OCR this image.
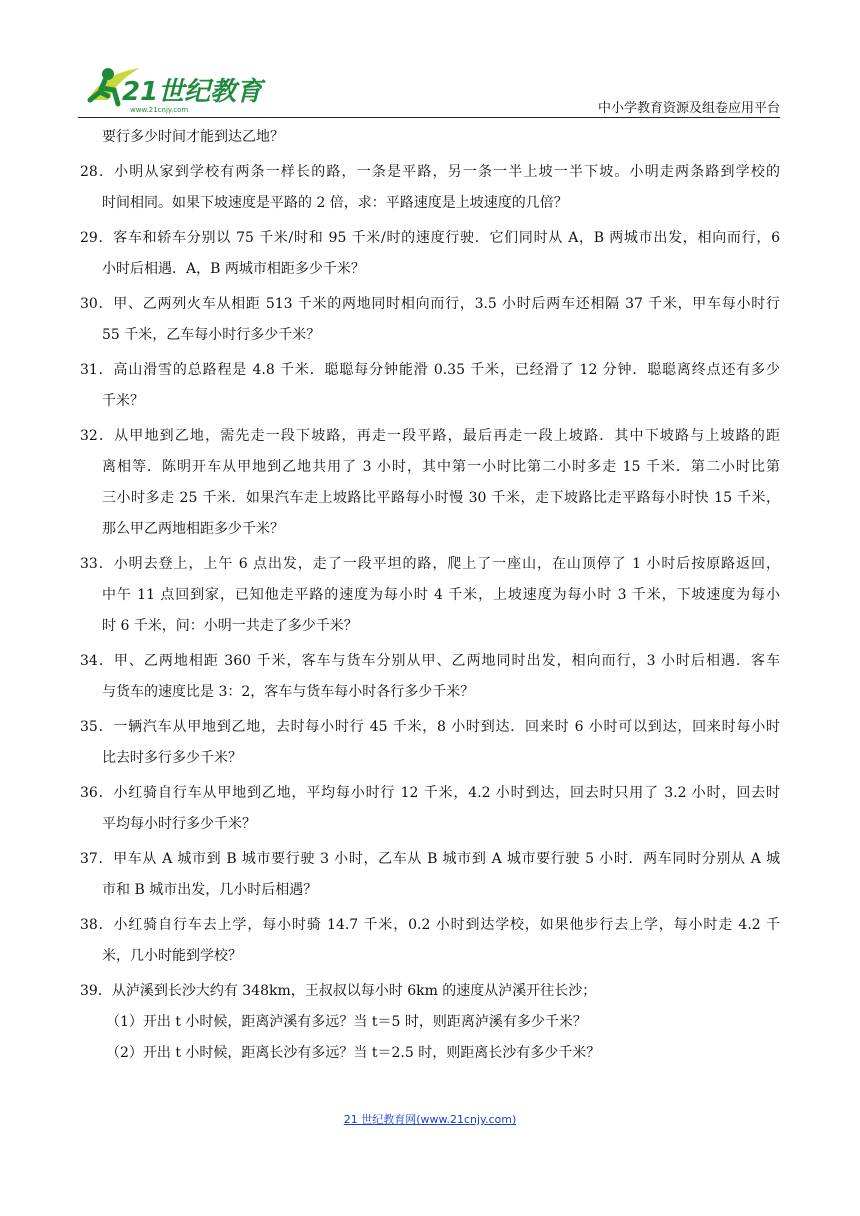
21世纪教育
www.21cnjy.com	中小学教育资源及组卷应用平台
要行多少时间才能到达乙地？
28．小明从家到学校有两条一样长的路，一条是平路，另一条一半上坡一半下坡。小明走两条路到学校的
时间相同。如果下坡速度是平路的 2 倍，求：平路速度是上坡速度的几倍？
29．客车和轿车分别以 75 千米/时和 95 千米/时的速度行驶．它们同时从 A，B 两城市出发，相向而行，6
小时后相遇．A，B 两城市相距多少千米？
30．甲、乙两列火车从相距 513 千米的两地同时相向而行，3.5 小时后两车还相隔 37 千米，甲车每小时行
55 千米，乙车每小时行多少千米？
31．高山滑雪的总路程是 4.8 千米．聪聪每分钟能滑 0.35 千米，已经滑了 12 分钟．聪聪离终点还有多少
千米？
32．从甲地到乙地，需先走一段下坡路，再走一段平路，最后再走一段上坡路．其中下坡路与上坡路的距
离相等．陈明开车从甲地到乙地共用了 3 小时，其中第一小时比第二小时多走 15 千米．第二小时比第
三小时多走 25 千米．如果汽车走上坡路比平路每小时慢 30 千米，走下坡路比走平路每小时快 15 千米，
那么甲乙两地相距多少千米？
33．小明去登上，上午 6 点出发，走了一段平坦的路，爬上了一座山，在山顶停了 1 小时后按原路返回，
中午 11 点回到家，已知他走平路的速度为每小时 4 千米，上坡速度为每小时 3 千米，下坡速度为每小
时 6 千米，问：小明一共走了多少千米？
34．甲、乙两地相距 360 千米，客车与货车分别从甲、乙两地同时出发，相向而行，3 小时后相遇．客车
与货车的速度比是 3：2，客车与货车每小时各行多少千米？
35．一辆汽车从甲地到乙地，去时每小时行 45 千米，8 小时到达．回来时 6 小时可以到达，回来时每小时
比去时多行多少千米？
36．小红骑自行车从甲地到乙地，平均每小时行 12 千米，4.2 小时到达，回去时只用了 3.2 小时，回去时
平均每小时行多少千米？
37．甲车从 A 城市到 B 城市要行驶 3 小时，乙车从 B 城市到 A 城市要行驶 5 小时．两车同时分别从 A 城
市和 B 城市出发，几小时后相遇？
38．小红骑自行车去上学，每小时骑 14.7 千米，0.2 小时到达学校，如果他步行去上学，每小时走 4.2 千
米，几小时能到学校？
39．从泸溪到长沙大约有 348km，王叔叔以每小时 6km 的速度从泸溪开往长沙；
（1）开出 t 小时候，距离泸溪有多远？当 t＝5 时，则距离泸溪有多少千米？
（2）开出 t 小时候，距离长沙有多远？当 t＝2.5 时，则距离长沙有多少千米？
21 世纪教育网(www.21cnjy.com)
